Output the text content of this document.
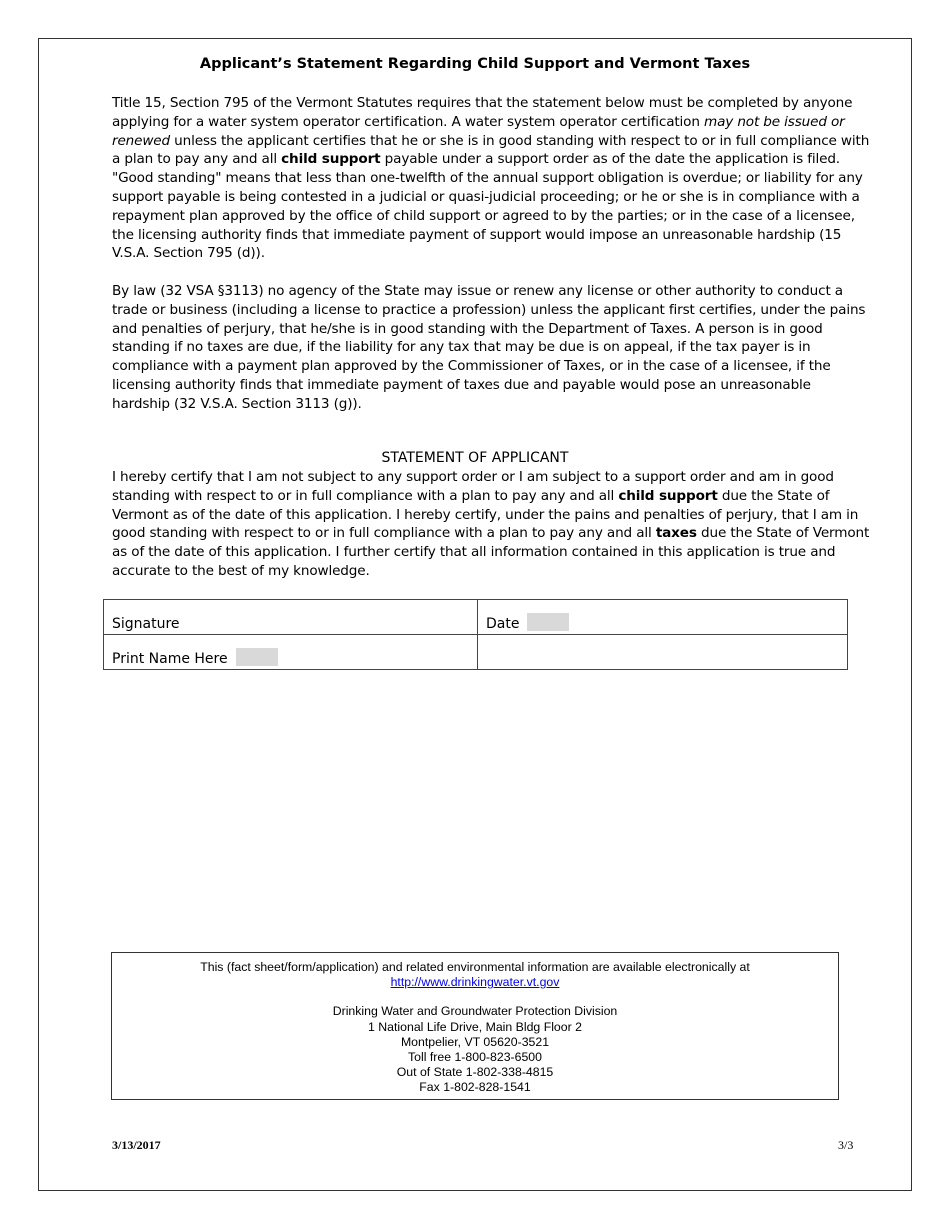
Applicant’s Statement Regarding Child Support and Vermont Taxes
Title 15, Section 795 of the Vermont Statutes requires that the statement below must be completed by anyone applying for a water system operator certification. A water system operator certification may not be issued or renewed unless the applicant certifies that he or she is in good standing with respect to or in full compliance with a plan to pay any and all child support payable under a support order as of the date the application is filed. "Good standing" means that less than one-twelfth of the annual support obligation is overdue; or liability for any support payable is being contested in a judicial or quasi-judicial proceeding; or he or she is in compliance with a repayment plan approved by the office of child support or agreed to by the parties; or in the case of a licensee, the licensing authority finds that immediate payment of support would impose an unreasonable hardship (15 V.S.A. Section 795 (d)).
By law (32 VSA §3113) no agency of the State may issue or renew any license or other authority to conduct a trade or business (including a license to practice a profession) unless the applicant first certifies, under the pains and penalties of perjury, that he/she is in good standing with the Department of Taxes. A person is in good standing if no taxes are due, if the liability for any tax that may be due is on appeal, if the tax payer is in compliance with a payment plan approved by the Commissioner of Taxes, or in the case of a licensee, if the licensing authority finds that immediate payment of taxes due and payable would pose an unreasonable hardship (32 V.S.A. Section 3113 (g)).
STATEMENT OF APPLICANT
I hereby certify that I am not subject to any support order or I am subject to a support order and am in good standing with respect to or in full compliance with a plan to pay any and all child support due the State of Vermont as of the date of this application. I hereby certify, under the pains and penalties of perjury, that I am in good standing with respect to or in full compliance with a plan to pay any and all taxes due the State of Vermont as of the date of this application. I further certify that all information contained in this application is true and accurate to the best of my knowledge.
Signature	Date
Print Name Here	
This (fact sheet/form/application) and related environmental information are available electronically at
http://www.drinkingwater.vt.gov
Drinking Water and Groundwater Protection Division
1 National Life Drive, Main Bldg Floor 2
Montpelier, VT 05620-3521
Toll free 1-800-823-6500
Out of State 1-802-338-4815
Fax 1-802-828-1541
3/13/2017	3/3
